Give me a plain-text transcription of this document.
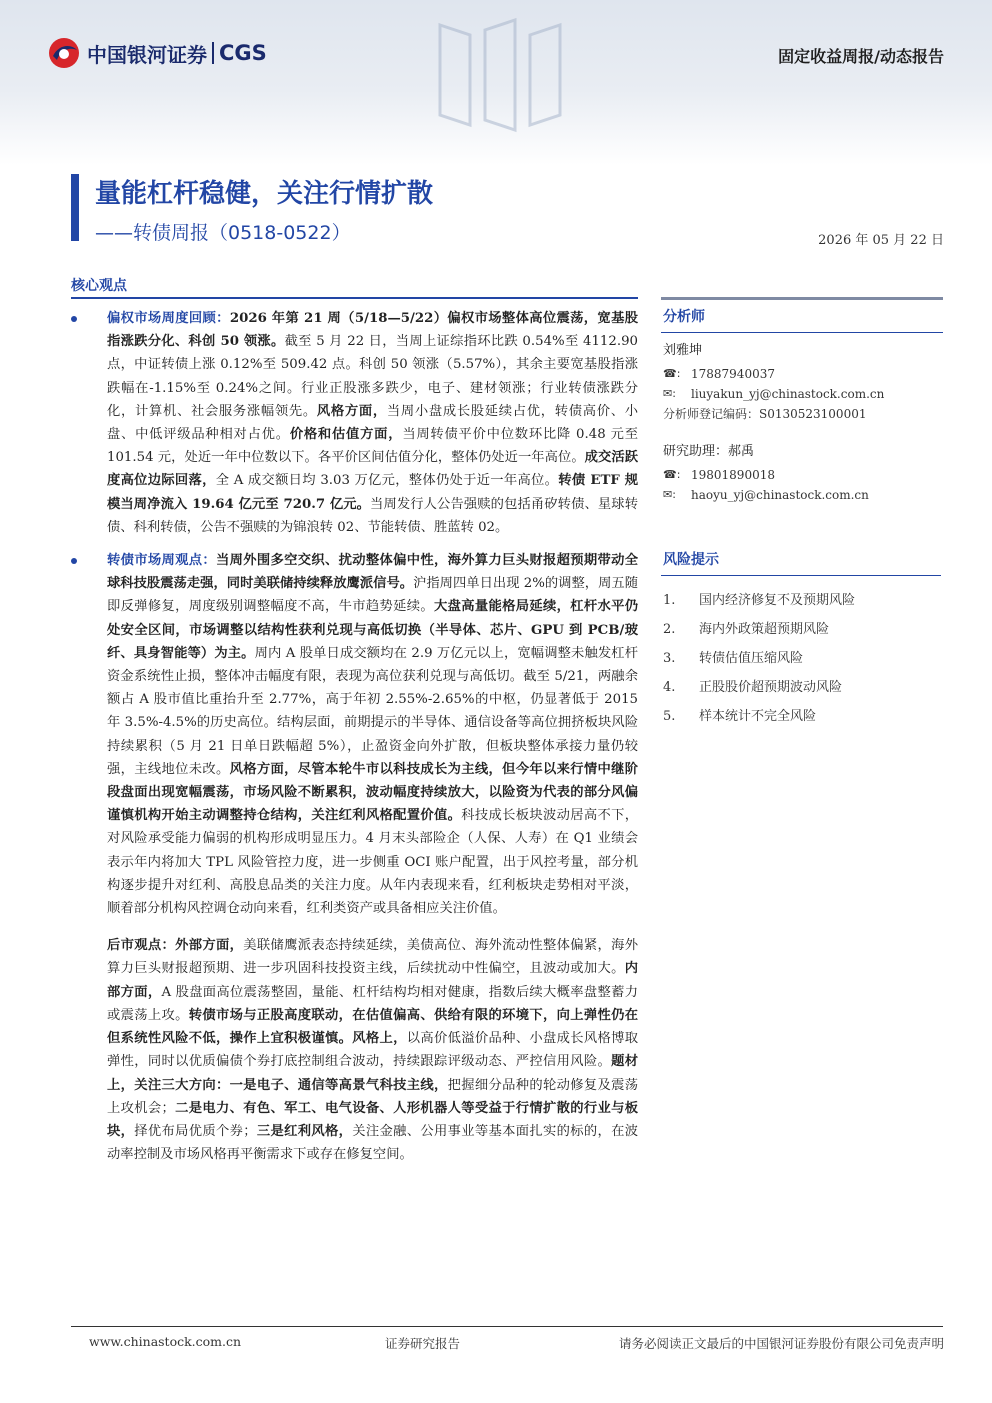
中国银河证券 CGS	固定收益周报/动态报告
量能杠杆稳健，关注行情扩散
——转债周报（0518-0522）	2026 年 05 月 22 日
核心观点

偏权市场周度回顾：2026 年第 21 周（5/18—5/22）偏权市场整体高位震荡，宽基股指涨跌分化、科创 50 领涨。截至 5 月 22 日，当周上证综指环比跌 0.54%至 4112.90 点，中证转债上涨 0.12%至 509.42 点。科创 50 领涨（5.57%），其余主要宽基股指涨跌幅在-1.15%至 0.24%之间。行业正股涨多跌少，电子、建材领涨；行业转债涨跌分化，计算机、社会服务涨幅领先。风格方面，当周小盘成长股延续占优，转债高价、小盘、中低评级品种相对占优。价格和估值方面，当周转债平价中位数环比降 0.48 元至 101.54 元，处近一年中位数以下。各平价区间估值分化，整体仍处近一年高位。成交活跃度高位边际回落，全 A 成交额日均 3.03 万亿元，整体仍处于近一年高位。转债 ETF 规模当周净流入 19.64 亿元至 720.7 亿元。当周发行人公告强赎的包括甬矽转债、星球转债、科利转债，公告不强赎的为锦浪转 02、节能转债、胜蓝转 02。

转债市场周观点：当周外围多空交织、扰动整体偏中性，海外算力巨头财报超预期带动全球科技股震荡走强，同时美联储持续释放鹰派信号。沪指周四单日出现 2%的调整，周五随即反弹修复，周度级别调整幅度不高，牛市趋势延续。大盘高量能格局延续，杠杆水平仍处安全区间，市场调整以结构性获利兑现与高低切换（半导体、芯片、GPU 到 PCB/玻纤、具身智能等）为主。周内 A 股单日成交额均在 2.9 万亿元以上，宽幅调整未触发杠杆资金系统性止损，整体冲击幅度有限，表现为高位获利兑现与高低切。截至 5/21，两融余额占 A 股市值比重抬升至 2.77%，高于年初 2.55%-2.65%的中枢，仍显著低于 2015 年 3.5%-4.5%的历史高位。结构层面，前期提示的半导体、通信设备等高位拥挤板块风险持续累积（5 月 21 日单日跌幅超 5%），止盈资金向外扩散，但板块整体承接力量仍较强，主线地位未改。风格方面，尽管本轮牛市以科技成长为主线，但今年以来行情中继阶段盘面出现宽幅震荡，市场风险不断累积，波动幅度持续放大，以险资为代表的部分风偏谨慎机构开始主动调整持仓结构，关注红利风格配置价值。科技成长板块波动居高不下，对风险承受能力偏弱的机构形成明显压力。4 月末头部险企（人保、人寿）在 Q1 业绩会表示年内将加大 TPL 风险管控力度，进一步侧重 OCI 账户配置，出于风控考量，部分机构逐步提升对红利、高股息品类的关注力度。从年内表现来看，红利板块走势相对平淡，顺着部分机构风控调仓动向来看，红利类资产或具备相应关注价值。

后市观点：外部方面，美联储鹰派表态持续延续，美债高位、海外流动性整体偏紧，海外算力巨头财报超预期、进一步巩固科技投资主线，后续扰动中性偏空，且波动或加大。内部方面，A 股盘面高位震荡整固，量能、杠杆结构均相对健康，指数后续大概率盘整蓄力或震荡上攻。转债市场与正股高度联动，在估值偏高、供给有限的环境下，向上弹性仍在但系统性风险不低，操作上宜积极谨慎。风格上，以高价低溢价品种、小盘成长风格博取弹性，同时以优质偏债个券打底控制组合波动，持续跟踪评级动态、严控信用风险。题材上，关注三大方向：一是电子、通信等高景气科技主线，把握细分品种的轮动修复及震荡上攻机会；二是电力、有色、军工、电气设备、人形机器人等受益于行情扩散的行业与板块，择优布局优质个券；三是红利风格，关注金融、公用事业等基本面扎实的标的，在波动率控制及市场风格再平衡需求下或存在修复空间。

分析师
刘雅坤
☎: 17887940037
✉: liuyakun_yj@chinastock.com.cn
分析师登记编码：S0130523100001
研究助理：郝禹
☎: 19801890018
✉: haoyu_yj@chinastock.com.cn
风险提示
1.	国内经济修复不及预期风险
2.	海内外政策超预期风险
3.	转债估值压缩风险
4.	正股股价超预期波动风险
5.	样本统计不完全风险
www.chinastock.com.cn	证券研究报告	请务必阅读正文最后的中国银河证券股份有限公司免责声明
